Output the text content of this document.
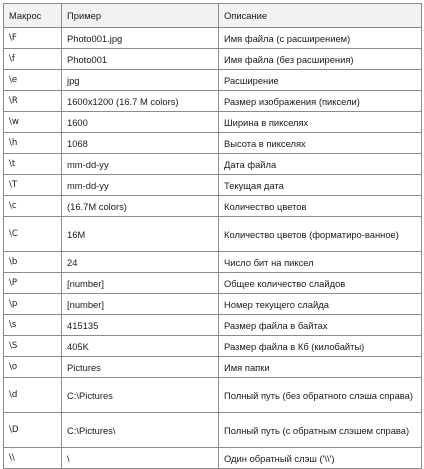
Макрос	Пример	Описание
\F	Photo001.jpg	Имя файла (с расширением)
\f	Photo001	Имя файла (без расширения)
\e	jpg	Расширение
\R	1600x1200 (16.7 M colors)	Размер изображения (пиксели)
\w	1600	Ширина в пикселях
\h	1068	Высота в пикселях
\t	mm-dd-yy	Дата файла
\T	mm-dd-yy	Текущая дата
\c	(16.7M colors)	Количество цветов
\C	16M	Количество цветов (форматиро-ванное)
\b	24	Число бит на пиксел
\P	[number]	Общее количество слайдов
\p	[number]	Номер текущего слайда
\s	415135	Размер файла в байтах
\S	405K	Размер файла в Кб (килобайты)
\o	Pictures	Имя папки
\d	C:\Pictures	Полный путь (без обратного слэша справа)
\D	C:\Pictures\	Полный путь (с обратным слэшем справа)
\\	\	Один обратный слэш ('\\')
